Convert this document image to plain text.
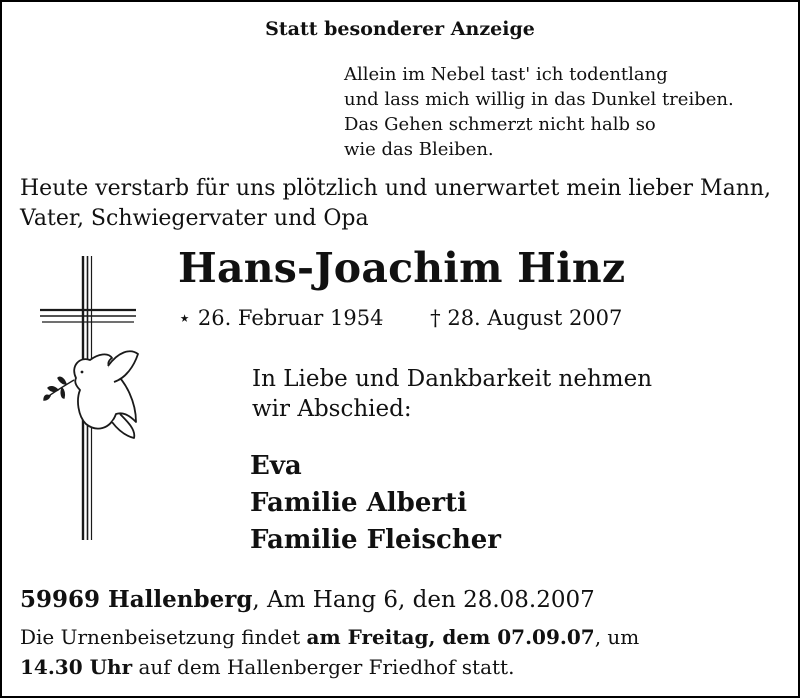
Statt besonderer Anzeige
Allein im Nebel tast' ich todentlang
und lass mich willig in das Dunkel treiben.
Das Gehen schmerzt nicht halb so
wie das Bleiben.
Heute verstarb für uns plötzlich und unerwartet mein lieber Mann,
Vater, Schwiegervater und Opa
Hans-Joachim Hinz
⋆ 26. Februar 1954 † 28. August 2007
In Liebe und Dankbarkeit nehmen
wir Abschied:
Eva
Familie Alberti
Familie Fleischer
59969 Hallenberg, Am Hang 6, den 28.08.2007
Die Urnenbeisetzung findet am Freitag, dem 07.09.07, um
14.30 Uhr auf dem Hallenberger Friedhof statt.
